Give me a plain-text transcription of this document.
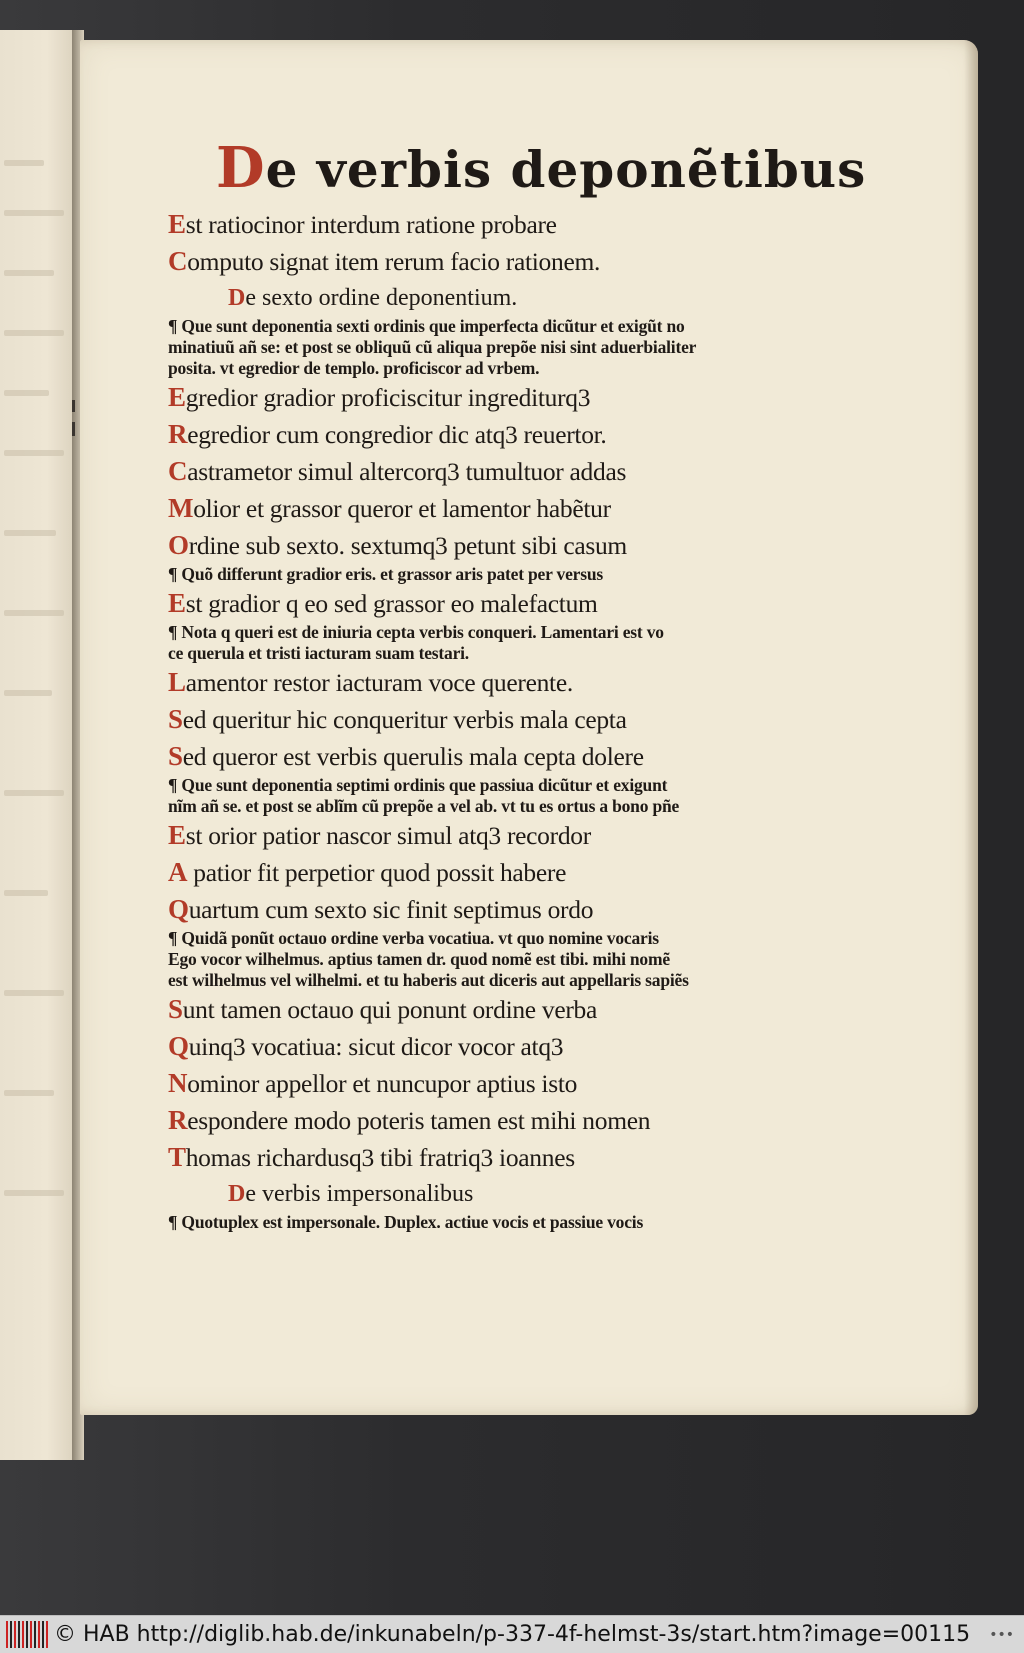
De verbis deponẽtibus
Est ratiocinor interdum ratione probare
Computo signat item rerum facio rationem.
De sexto ordine deponentium.
¶ Que sunt deponentia sexti ordinis que imperfecta dicũtur et exigũt no
minatiuũ añ se: et post se obliquũ cũ aliqua prepõe nisi sint aduerbialiter
posita. vt egredior de templo. proficiscor ad vrbem.
Egredior gradior proficiscitur ingrediturq3
Regredior cum congredior dic atq3 reuertor.
Castrametor simul altercorq3 tumultuor addas
Molior et grassor queror et lamentor habẽtur
Ordine sub sexto. sextumq3 petunt sibi casum
¶ Quõ differunt gradior eris. et grassor aris patet per versus
Est gradior q eo sed grassor eo malefactum
¶ Nota q queri est de iniuria cepta verbis conqueri. Lamentari est vo
ce querula et tristi iacturam suam testari.
Lamentor restor iacturam voce querente.
Sed queritur hic conqueritur verbis mala cepta
Sed queror est verbis querulis mala cepta dolere
¶ Que sunt deponentia septimi ordinis que passiua dicũtur et exigunt
nĩm añ se. et post se ablĩm cũ prepõe a vel ab. vt tu es ortus a bono pñe
Est orior patior nascor simul atq3 recordor
A patior fit perpetior quod possit habere
Quartum cum sexto sic finit septimus ordo
¶ Quidã ponũt octauo ordine verba vocatiua. vt quo nomine vocaris
Ego vocor wilhelmus. aptius tamen dr. quod nomẽ est tibi. mihi nomẽ
est wilhelmus vel wilhelmi. et tu haberis aut diceris aut appellaris sapiẽs
Sunt tamen octauo qui ponunt ordine verba
Quinq3 vocatiua: sicut dicor vocor atq3
Nominor appellor et nuncupor aptius isto
Respondere modo poteris tamen est mihi nomen
Thomas richardusq3 tibi fratriq3 ioannes
De verbis impersonalibus
¶ Quotuplex est impersonale. Duplex. actiue vocis et passiue vocis
© HAB http://diglib.hab.de/inkunabeln/p-337-4f-helmst-3s/start.htm?image=00115 •••
